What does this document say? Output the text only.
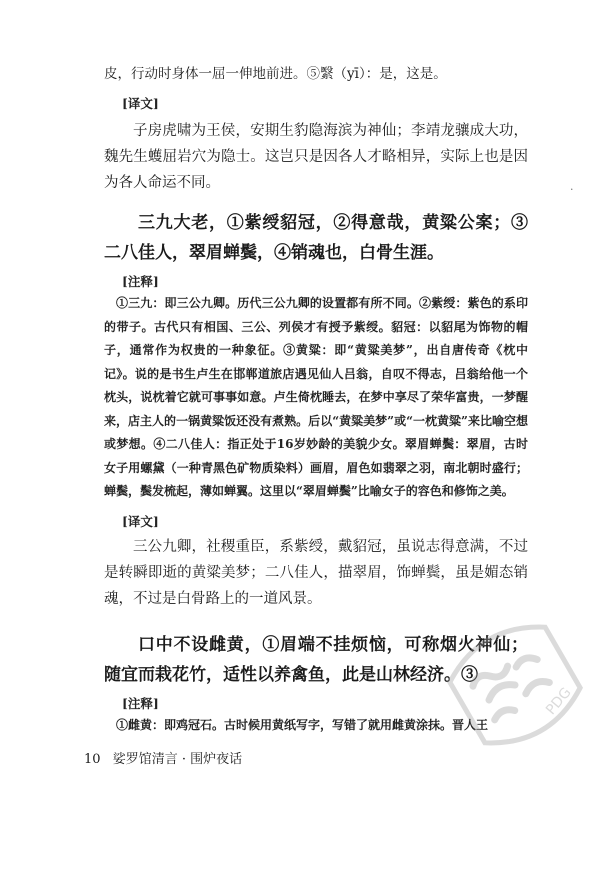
皮，行动时身体一屈一伸地前进。⑤繄（yī）：是，这是。
[译文]
子房虎啸为王侯，安期生豹隐海滨为神仙；李靖龙骧成大功，魏先生蠖屈岩穴为隐士。这岂只是因各人才略相异，实际上也是因为各人命运不同。
三九大老，①紫绶貂冠，②得意哉，黄粱公案；③二八佳人，翠眉蝉鬓，④销魂也，白骨生涯。
[注释]
①三九：即三公九卿。历代三公九卿的设置都有所不同。②紫绶：紫色的系印的带子。古代只有相国、三公、列侯才有授予紫绶。貂冠：以貂尾为饰物的帽子，通常作为权贵的一种象征。③黄粱：即“黄粱美梦”，出自唐传奇《枕中记》。说的是书生卢生在邯郸道旅店遇见仙人吕翁，自叹不得志，吕翁给他一个枕头，说枕着它就可事事如意。卢生倚枕睡去，在梦中享尽了荣华富贵，一梦醒来，店主人的一锅黄粱饭还没有煮熟。后以“黄粱美梦”或“一枕黄粱”来比喻空想或梦想。④二八佳人：指正处于16岁妙龄的美貌少女。翠眉蝉鬓：翠眉，古时女子用螺黛（一种青黑色矿物质染料）画眉，眉色如翡翠之羽，南北朝时盛行；蝉鬓，鬓发梳起，薄如蝉翼。这里以“翠眉蝉鬓”比喻女子的容色和修饰之美。
[译文]
三公九卿，社稷重臣，系紫绶，戴貂冠，虽说志得意满，不过是转瞬即逝的黄粱美梦；二八佳人，描翠眉，饰蝉鬓，虽是媚态销魂，不过是白骨路上的一道风景。
口中不设雌黄，①眉端不挂烦恼，可称烟火神仙；随宜而栽花竹，适性以养禽鱼，此是山林经济。③
[注释]
①雌黄：即鸡冠石。古时候用黄纸写字，写错了就用雌黄涂抹。晋人王
10 娑罗馆清言 · 围炉夜话
·
PDG
